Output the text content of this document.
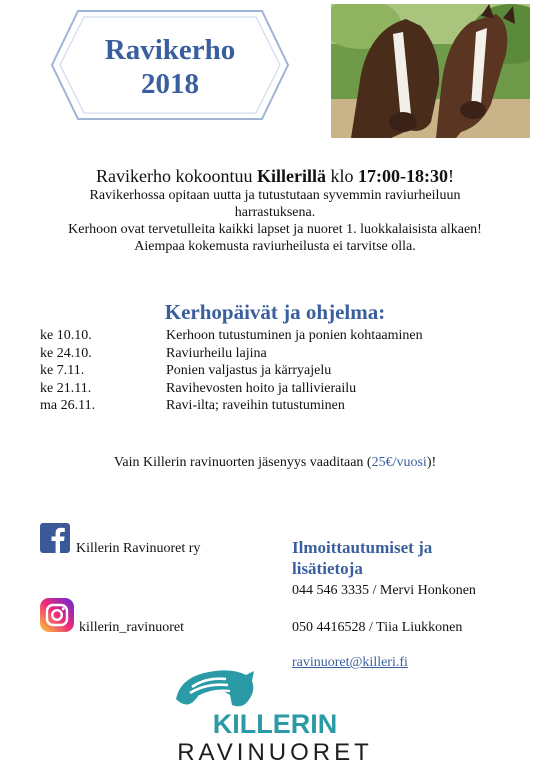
Ravikerho
2018
Ravikerho kokoontuu Killerillä klo 17:00-18:30!
Ravikerhossa opitaan uutta ja tutustutaan syvemmin raviurheiluun
harrastuksena.
Kerhoon ovat tervetulleita kaikki lapset ja nuoret 1. luokkalaisista alkaen!
Aiempaa kokemusta raviurheilusta ei tarvitse olla.
Kerhopäivät ja ohjelma:
ke 10.10.	Kerhoon tutustuminen ja ponien kohtaaminen
ke 24.10.	Raviurheilu lajina
ke 7.11.	Ponien valjastus ja kärryajelu
ke 21.11.	Ravihevosten hoito ja tallivierailu
ma 26.11.	Ravi-ilta; raveihin tutustuminen
Vain Killerin ravinuorten jäsenyys vaaditaan (25€/vuosi)!
Killerin Ravinuoret ry
killerin_ravinuoret
Ilmoittautumiset ja
lisätietoja
044 546 3335 / Mervi Honkonen
050 4416528 / Tiia Liukkonen
ravinuoret@killeri.fi
KILLERIN
RAVINUORET
